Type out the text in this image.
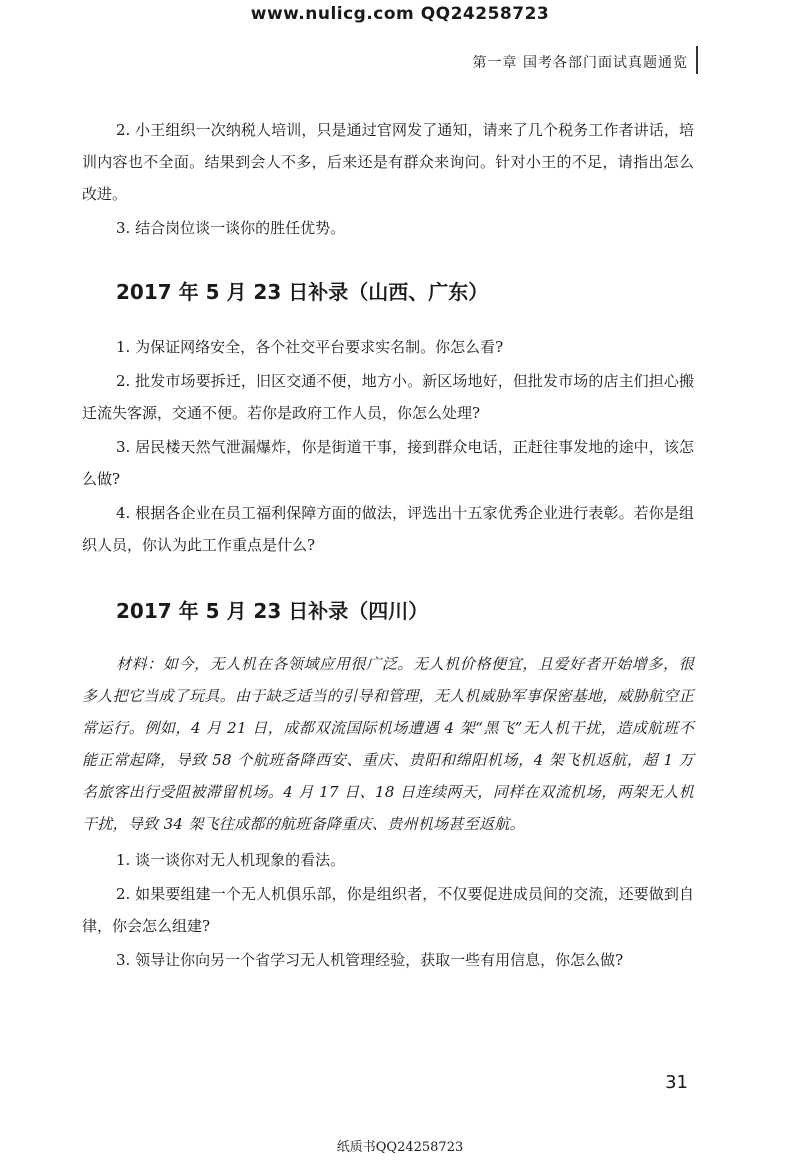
www.nulicg.com QQ24258723
第一章 国考各部门面试真题通览

2. 小王组织一次纳税人培训，只是通过官网发了通知，请来了几个税务工作者讲话，培训内容也不全面。结果到会人不多，后来还是有群众来询问。针对小王的不足，请指出怎么改进。

3. 结合岗位谈一谈你的胜任优势。

2017 年 5 月 23 日补录（山西、广东）

1. 为保证网络安全，各个社交平台要求实名制。你怎么看?

2. 批发市场要拆迁，旧区交通不便，地方小。新区场地好，但批发市场的店主们担心搬迁流失客源，交通不便。若你是政府工作人员，你怎么处理?

3. 居民楼天然气泄漏爆炸，你是街道干事，接到群众电话，正赶往事发地的途中，该怎么做?

4. 根据各企业在员工福利保障方面的做法，评选出十五家优秀企业进行表彰。若你是组织人员，你认为此工作重点是什么?

2017 年 5 月 23 日补录（四川）

材料：如今，无人机在各领域应用很广泛。无人机价格便宜，且爱好者开始增多，很多人把它当成了玩具。由于缺乏适当的引导和管理，无人机威胁军事保密基地，威胁航空正常运行。例如，4 月 21 日，成都双流国际机场遭遇 4 架“黑飞”无人机干扰，造成航班不能正常起降，导致 58 个航班备降西安、重庆、贵阳和绵阳机场，4 架飞机返航，超 1 万名旅客出行受阻被滞留机场。4 月 17 日、18 日连续两天，同样在双流机场，两架无人机干扰，导致 34 架飞往成都的航班备降重庆、贵州机场甚至返航。

1. 谈一谈你对无人机现象的看法。

2. 如果要组建一个无人机俱乐部，你是组织者，不仅要促进成员间的交流，还要做到自律，你会怎么组建?

3. 领导让你向另一个省学习无人机管理经验，获取一些有用信息，你怎么做?

31
纸质书QQ24258723
